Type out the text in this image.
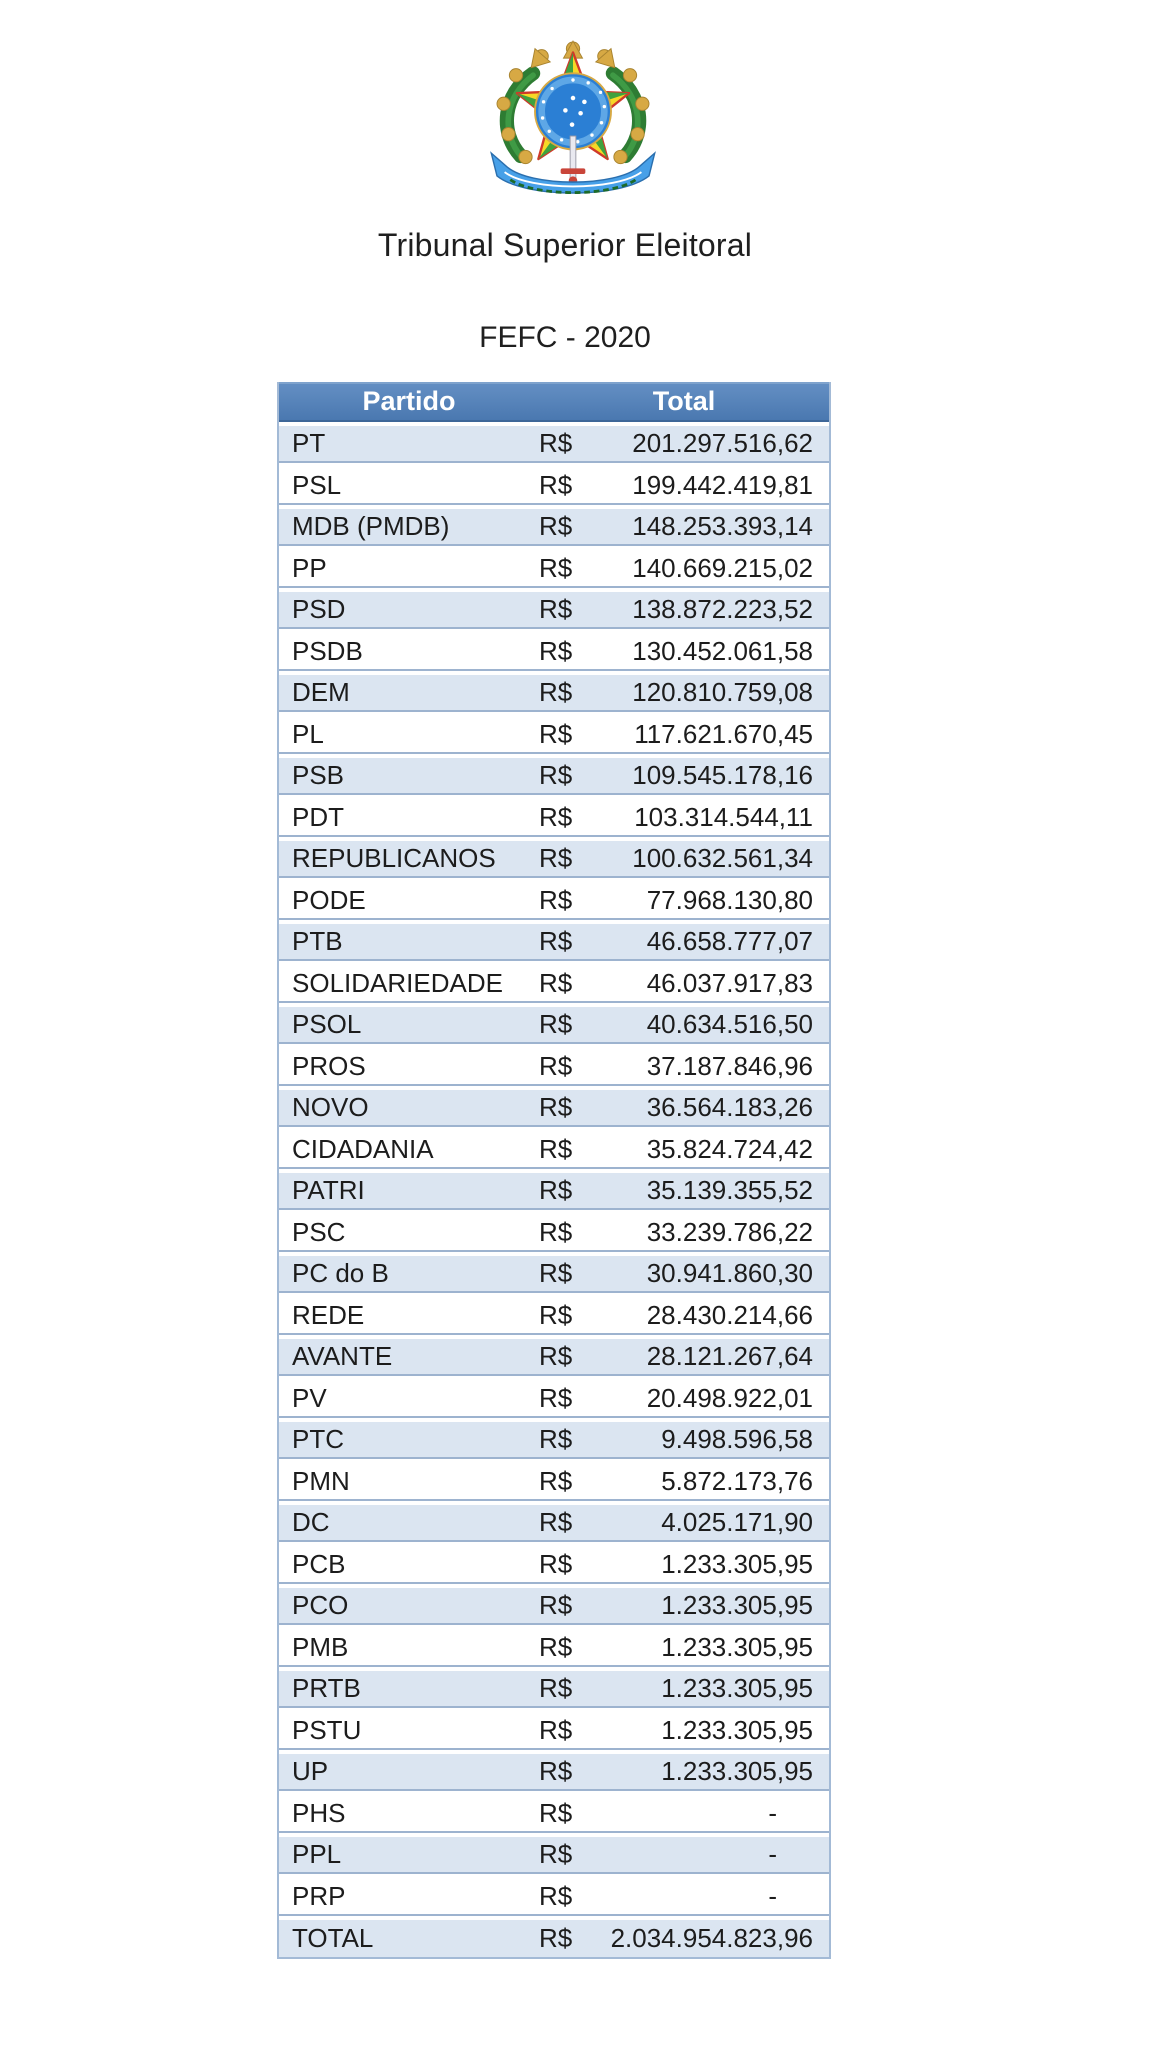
Tribunal Superior Eleitoral
FEFC - 2020
Partido	Total
PT	R$	201.297.516,62
PSL	R$	199.442.419,81
MDB (PMDB)	R$	148.253.393,14
PP	R$	140.669.215,02
PSD	R$	138.872.223,52
PSDB	R$	130.452.061,58
DEM	R$	120.810.759,08
PL	R$	117.621.670,45
PSB	R$	109.545.178,16
PDT	R$	103.314.544,11
REPUBLICANOS	R$	100.632.561,34
PODE	R$	77.968.130,80
PTB	R$	46.658.777,07
SOLIDARIEDADE	R$	46.037.917,83
PSOL	R$	40.634.516,50
PROS	R$	37.187.846,96
NOVO	R$	36.564.183,26
CIDADANIA	R$	35.824.724,42
PATRI	R$	35.139.355,52
PSC	R$	33.239.786,22
PC do B	R$	30.941.860,30
REDE	R$	28.430.214,66
AVANTE	R$	28.121.267,64
PV	R$	20.498.922,01
PTC	R$	9.498.596,58
PMN	R$	5.872.173,76
DC	R$	4.025.171,90
PCB	R$	1.233.305,95
PCO	R$	1.233.305,95
PMB	R$	1.233.305,95
PRTB	R$	1.233.305,95
PSTU	R$	1.233.305,95
UP	R$	1.233.305,95
PHS	R$	-
PPL	R$	-
PRP	R$	-
TOTAL	R$	2.034.954.823,96
